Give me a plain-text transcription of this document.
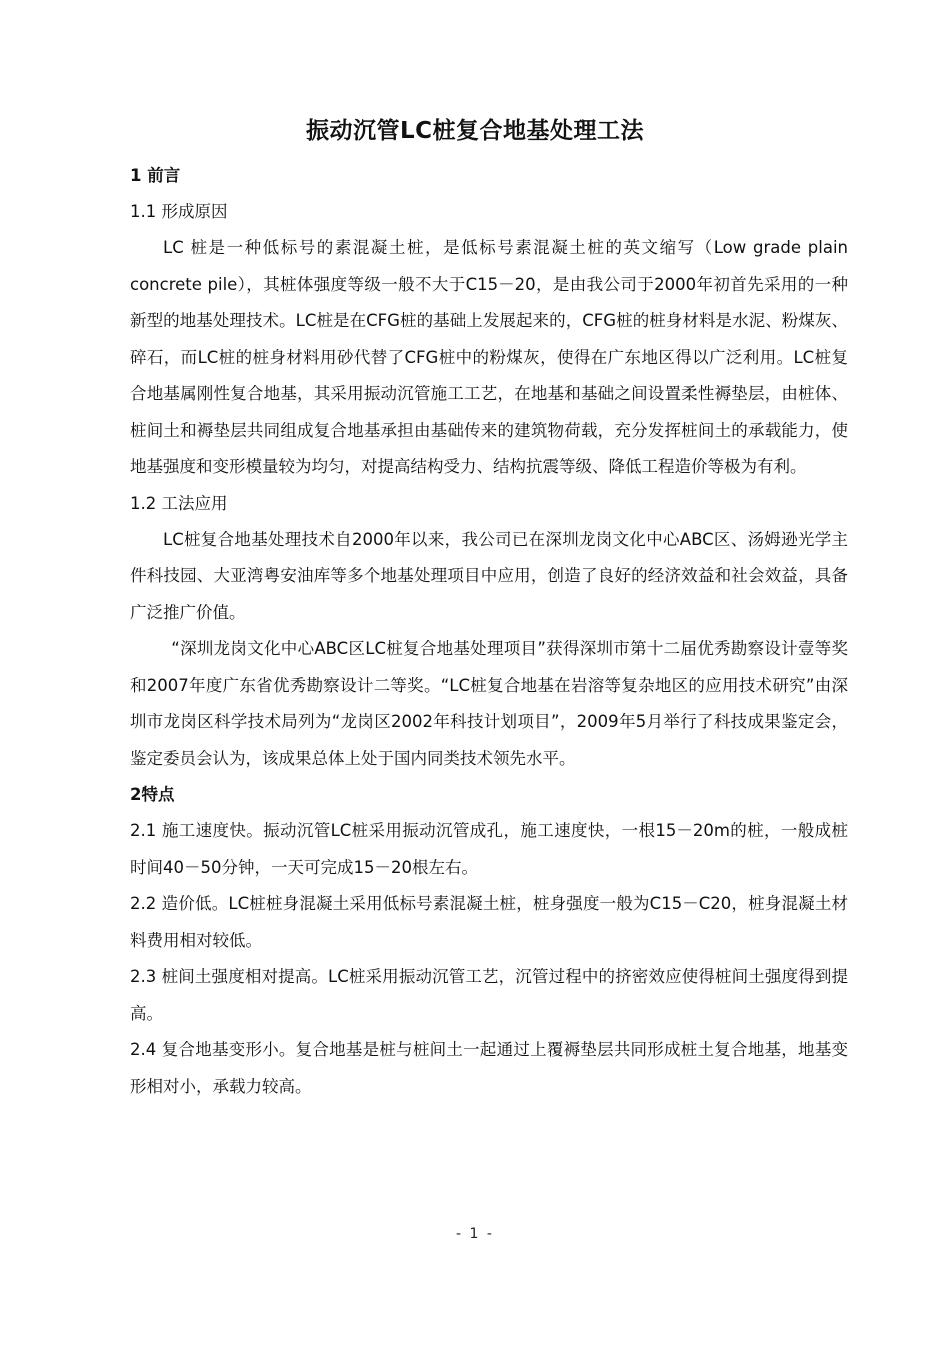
振动沉管LC桩复合地基处理工法

1 前言

1.1 形成原因

LC 桩是一种低标号的素混凝土桩，是低标号素混凝土桩的英文缩写（Low grade plain concrete pile），其桩体强度等级一般不大于C15－20，是由我公司于2000年初首先采用的一种新型的地基处理技术。LC桩是在CFG桩的基础上发展起来的，CFG桩的桩身材料是水泥、粉煤灰、碎石，而LC桩的桩身材料用砂代替了CFG桩中的粉煤灰，使得在广东地区得以广泛利用。LC桩复合地基属刚性复合地基，其采用振动沉管施工工艺，在地基和基础之间设置柔性褥垫层，由桩体、桩间土和褥垫层共同组成复合地基承担由基础传来的建筑物荷载，充分发挥桩间土的承载能力，使地基强度和变形模量较为均匀，对提高结构受力、结构抗震等级、降低工程造价等极为有利。

1.2 工法应用

LC桩复合地基处理技术自2000年以来，我公司已在深圳龙岗文化中心ABC区、汤姆逊光学主件科技园、大亚湾粤安油库等多个地基处理项目中应用，创造了良好的经济效益和社会效益，具备广泛推广价值。

“深圳龙岗文化中心ABC区LC桩复合地基处理项目”获得深圳市第十二届优秀勘察设计壹等奖和2007年度广东省优秀勘察设计二等奖。“LC桩复合地基在岩溶等复杂地区的应用技术研究”由深圳市龙岗区科学技术局列为“龙岗区2002年科技计划项目”，2009年5月举行了科技成果鉴定会，鉴定委员会认为，该成果总体上处于国内同类技术领先水平。

2特点

2.1 施工速度快。振动沉管LC桩采用振动沉管成孔，施工速度快，一根15－20m的桩，一般成桩时间40－50分钟，一天可完成15－20根左右。

2.2 造价低。LC桩桩身混凝土采用低标号素混凝土桩，桩身强度一般为C15－C20，桩身混凝土材料费用相对较低。

2.3 桩间土强度相对提高。LC桩采用振动沉管工艺，沉管过程中的挤密效应使得桩间土强度得到提高。

2.4 复合地基变形小。复合地基是桩与桩间土一起通过上覆褥垫层共同形成桩土复合地基，地基变形相对小，承载力较高。

- 1 -
